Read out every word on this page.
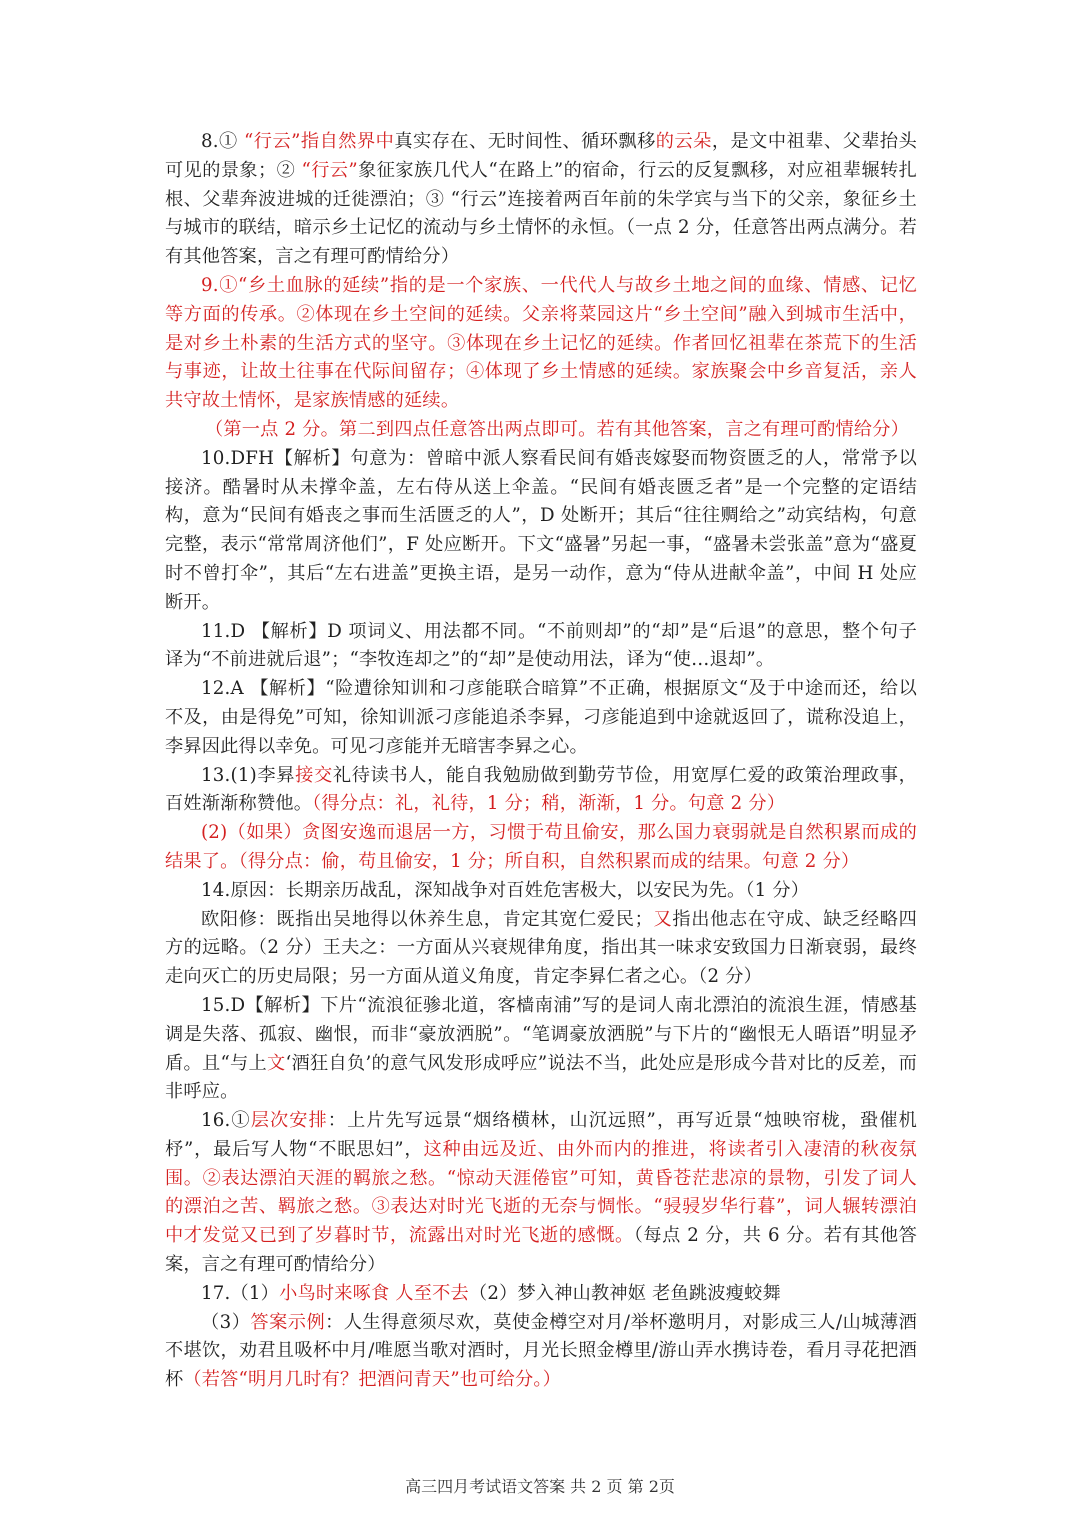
8.① “行云”指自然界中真实存在、无时间性、循环飘移的云朵，是文中祖辈、父辈抬头可见的景象；② “行云”象征家族几代人“在路上”的宿命，行云的反复飘移，对应祖辈辗转扎根、父辈奔波进城的迁徙漂泊；③ “行云”连接着两百年前的朱学宾与当下的父亲，象征乡土与城市的联结，暗示乡土记忆的流动与乡土情怀的永恒。（一点 2 分，任意答出两点满分。若有其他答案，言之有理可酌情给分）

9.①“乡土血脉的延续”指的是一个家族、一代代人与故乡土地之间的血缘、情感、记忆等方面的传承。②体现在乡土空间的延续。父亲将菜园这片“乡土空间”融入到城市生活中，是对乡土朴素的生活方式的坚守。③体现在乡土记忆的延续。作者回忆祖辈在茶荒下的生活与事迹，让故土往事在代际间留存；④体现了乡土情感的延续。家族聚会中乡音复活，亲人共守故土情怀，是家族情感的延续。

（第一点 2 分。第二到四点任意答出两点即可。若有其他答案，言之有理可酌情给分）

10.DFH【解析】句意为：曾暗中派人察看民间有婚丧嫁娶而物资匮乏的人，常常予以接济。酷暑时从未撑伞盖，左右侍从送上伞盖。“民间有婚丧匮乏者”是一个完整的定语结构，意为“民间有婚丧之事而生活匮乏的人”，D 处断开；其后“往往赒给之”动宾结构，句意完整，表示“常常周济他们”，F 处应断开。下文“盛暑”另起一事，“盛暑未尝张盖”意为“盛夏时不曾打伞”，其后“左右进盖”更换主语，是另一动作，意为“侍从进献伞盖”，中间 H 处应断开。

11.D 【解析】D 项词义、用法都不同。“不前则却”的“却”是“后退”的意思，整个句子译为“不前进就后退”；“李牧连却之”的“却”是使动用法，译为“使…退却”。

12.A 【解析】“险遭徐知训和刁彦能联合暗算”不正确，根据原文“及于中途而还，给以不及，由是得免”可知，徐知训派刁彦能追杀李昪，刁彦能追到中途就返回了，谎称没追上，李昪因此得以幸免。可见刁彦能并无暗害李昪之心。

13.(1)李昪接交礼待读书人，能自我勉励做到勤劳节俭，用宽厚仁爱的政策治理政事，百姓渐渐称赞他。（得分点：礼，礼待，1 分；稍，渐渐，1 分。句意 2 分）

(2)（如果）贪图安逸而退居一方，习惯于苟且偷安，那么国力衰弱就是自然积累而成的结果了。（得分点：偷，苟且偷安，1 分；所自积，自然积累而成的结果。句意 2 分）

14.原因：长期亲历战乱，深知战争对百姓危害极大，以安民为先。（1 分）

欧阳修：既指出吴地得以休养生息，肯定其宽仁爱民；又指出他志在守成、缺乏经略四方的远略。（2 分）王夫之：一方面从兴衰规律角度，指出其一味求安致国力日渐衰弱，最终走向灭亡的历史局限；另一方面从道义角度，肯定李昪仁者之心。（2 分）

15.D【解析】下片“流浪征骖北道，客樯南浦”写的是词人南北漂泊的流浪生涯，情感基调是失落、孤寂、幽恨，而非“豪放洒脱”。“笔调豪放洒脱”与下片的“幽恨无人晤语”明显矛盾。且“与上文‘酒狂自负’的意气风发形成呼应”说法不当，此处应是形成今昔对比的反差，而非呼应。

16.①层次安排：上片先写远景“烟络横林，山沉远照”，再写近景“烛映帘栊，蛩催机杼”，最后写人物“不眠思妇”，这种由远及近、由外而内的推进，将读者引入凄清的秋夜氛围。②表达漂泊天涯的羁旅之愁。“惊动天涯倦宦”可知，黄昏苍茫悲凉的景物，引发了词人的漂泊之苦、羁旅之愁。③表达对时光飞逝的无奈与惆怅。“骎骎岁华行暮”，词人辗转漂泊中才发觉又已到了岁暮时节，流露出对时光飞逝的感慨。（每点 2 分，共 6 分。若有其他答案，言之有理可酌情给分）

17.（1）小鸟时来啄食 人至不去（2）梦入神山教神妪 老鱼跳波瘦蛟舞

（3）答案示例：人生得意须尽欢，莫使金樽空对月/举杯邀明月，对影成三人/山城薄酒不堪饮，劝君且吸杯中月/唯愿当歌对酒时，月光长照金樽里/游山弄水携诗卷，看月寻花把酒杯（若答“明月几时有？把酒问青天”也可给分。）

高三四月考试语文答案 共 2 页 第 2页
